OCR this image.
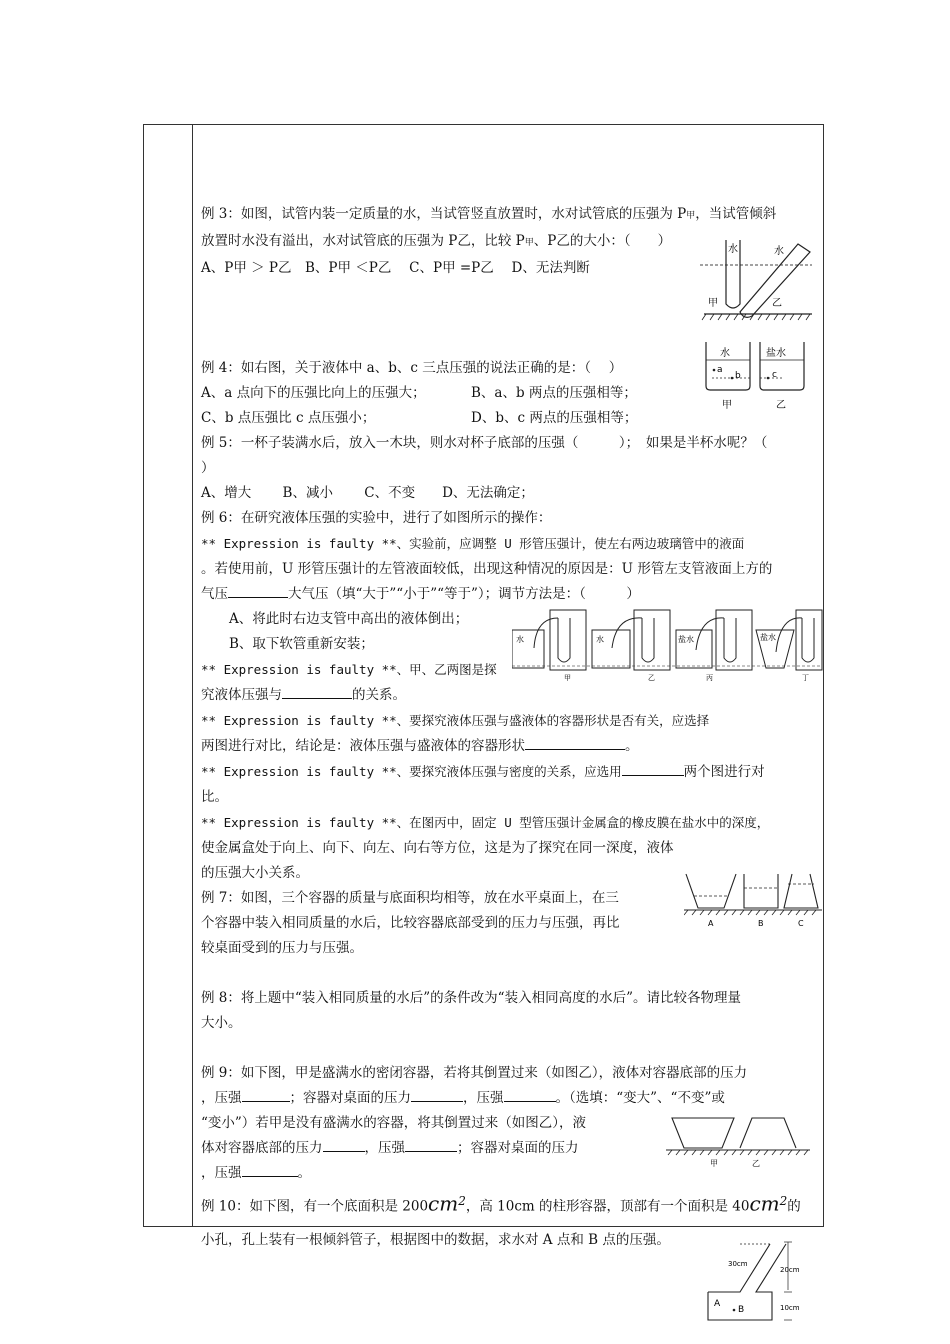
例 3：如图，试管内装一定质量的水，当试管竖直放置时，水对试管底的压强为 P甲，当试管倾斜

放置时水没有溢出，水对试管底的压强为 P乙，比较 P甲、P乙的大小：（　　）

A、P甲 ＞ P乙　B、P甲 ＜P乙　 C、P甲 =P乙　 D、无法判断

例 4：如右图，关于液体中 a、b、c 三点压强的说法正确的是：（　 ）

A、a 点向下的压强比向上的压强大；	B、a、b 两点的压强相等；

C、b 点压强比 c 点压强小；	D、b、c 两点的压强相等；

例 5：一杯子装满水后，放入一木块，则水对杯子底部的压强（　　　）；　如果是半杯水呢？（

）

A、增大　　 B、减小　　 C、不变　　D、无法确定；

例 6：在研究液体压强的实验中，进行了如图所示的操作：

** Expression is faulty **、实验前，应调整 U 形管压强计，使左右两边玻璃管中的液面

。若使用前，U 形管压强计的左管液面较低，出现这种情况的原因是：U 形管左支管液面上方的

气压	大气压（填“大于”“小于”“等于”）；调节方法是：（　　　）

A、将此时右边支管中高出的液体倒出；

B、取下软管重新安装；

** Expression is faulty **、甲、乙两图是探

究液体压强与	的关系。

** Expression is faulty **、要探究液体压强与盛液体的容器形状是否有关，应选择

两图进行对比，结论是：液体压强与盛液体的容器形状	。

** Expression is faulty **、要探究液体压强与密度的关系，应选用	两个图进行对

比。

** Expression is faulty **、在图丙中，固定 U 型管压强计金属盒的橡皮膜在盐水中的深度，

使金属盒处于向上、向下、向左、向右等方位，这是为了探究在同一深度，液体

的压强大小关系。

例 7：如图，三个容器的质量与底面积均相等，放在水平桌面上，在三

个容器中装入相同质量的水后，比较容器底部受到的压力与压强，再比

较桌面受到的压力与压强。

例 8：将上题中“装入相同质量的水后”的条件改为“装入相同高度的水后”。请比较各物理量

大小。

例 9：如下图，甲是盛满水的密闭容器，若将其倒置过来（如图乙），液体对容器底部的压力

，压强	；容器对桌面的压力	，压强	。（选填：“变大”、“不变”或

“变小”）若甲是没有盛满水的容器，将其倒置过来（如图乙），液

体对容器底部的压力	，压强	；容器对桌面的压力

，压强	。

例 10：如下图，有一个底面积是 $200cm^2$，高 10cm 的柱形容器，顶部有一个面积是 $40cm^2$的

小孔，孔上装有一根倾斜管子，根据图中的数据，求水对 A 点和 B 点的压强。

水	水
甲	乙
水
a
b
盐水
c
甲	乙
水	水	盐水	盐水
甲	乙	丙	丁
A	B	C
甲	乙
30cm
20cm
10cm
A
B
